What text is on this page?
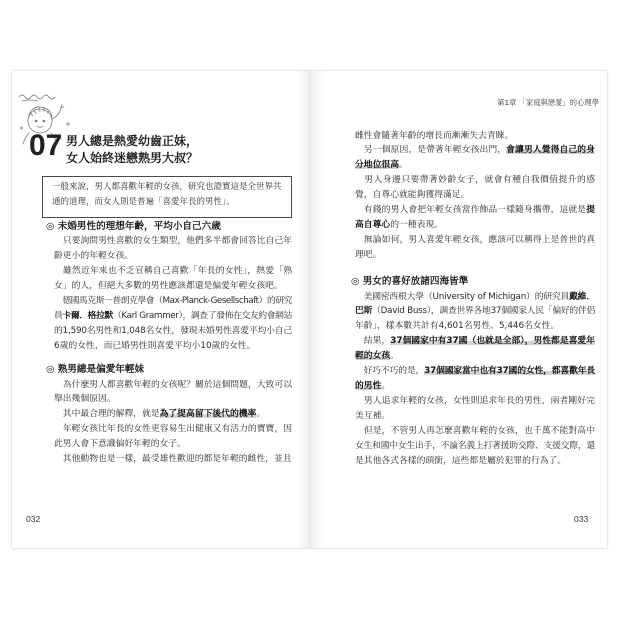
07 男人總是熱愛幼齒正妹，
女人始終迷戀熟男大叔？
一般來說，男人都喜歡年輕的女孩，研究也證實這是全世界共
通的道理，而女人則是普遍「喜愛年長的男性」。
◎ 未婚男性的理想年齡，平均小自己六歲
　只要詢問男性喜歡的女生類型，他們多半都會回答比自己年
齡更小的年輕女孩。
　雖然近年來也不乏宣稱自己喜歡「年長的女性」，熱愛「熟
女」的人，但絕大多數的男性應該都還是偏愛年輕女孩吧。
　德國馬克斯－普朗克學會（Max-Planck-Gesellschaft）的研究
員卡爾．格拉默（Karl Grammer），調查了發佈在交友約會網站
的1,590名男性和1,048名女性，發現未婚男性喜愛平均小自己
6歲的女性，而已婚男性則喜愛平均小10歲的女性。
◎ 熟男總是偏愛年輕妹
　為什麼男人都喜歡年輕的女孩呢？關於這個問題，大致可以
舉出幾個原因。
　其中最合理的解釋，就是為了提高留下後代的機率。
　年輕女孩比年長的女性更容易生出健康又有活力的寶寶，因
此男人會下意識偏好年輕的女子。
　其他動物也是一樣，最受雄性歡迎的都是年輕的雌性，並且
032
第1章 「家庭與戀愛」的心理學
雌性會隨著年齡的增長而漸漸失去青睞。
　另一個原因，是帶著年輕女孩出門，會讓男人覺得自己的身
分地位很高。
　男人身邊只要帶著妙齡女子，就會有種自我價值提升的感
覺，自尊心就能夠獲得滿足。
　有錢的男人會把年輕女孩當作飾品一樣隨身攜帶，這就是提
高自尊心的一種表現。
　無論如何，男人喜愛年輕女孩，應該可以稱得上是普世的真
理吧。
◎ 男女的喜好放諸四海皆準
　美國密西根大學（University of Michigan）的研究員戴維．
巴斯（David Buss），調查世界各地37個國家人民「偏好的伴侶
年齡」，樣本數共計有4,601名男性、5,446名女性。
　結果，37個國家中有37國（也就是全部），男性都是喜愛年
輕的女孩。
　好巧不巧的是，37個國家當中也有37國的女性，都喜歡年長
的男性。
　男人追求年輕的女孩，女性則追求年長的男性，兩者剛好完
美互補。
　但是，不管男人再怎麼喜歡年輕的女孩，也千萬不能對高中
女生和國中女生出手，不論名義上打著援助交際、支援交際，還
是其他各式各樣的頭銜，這些都是屬於犯罪的行為了。
033
